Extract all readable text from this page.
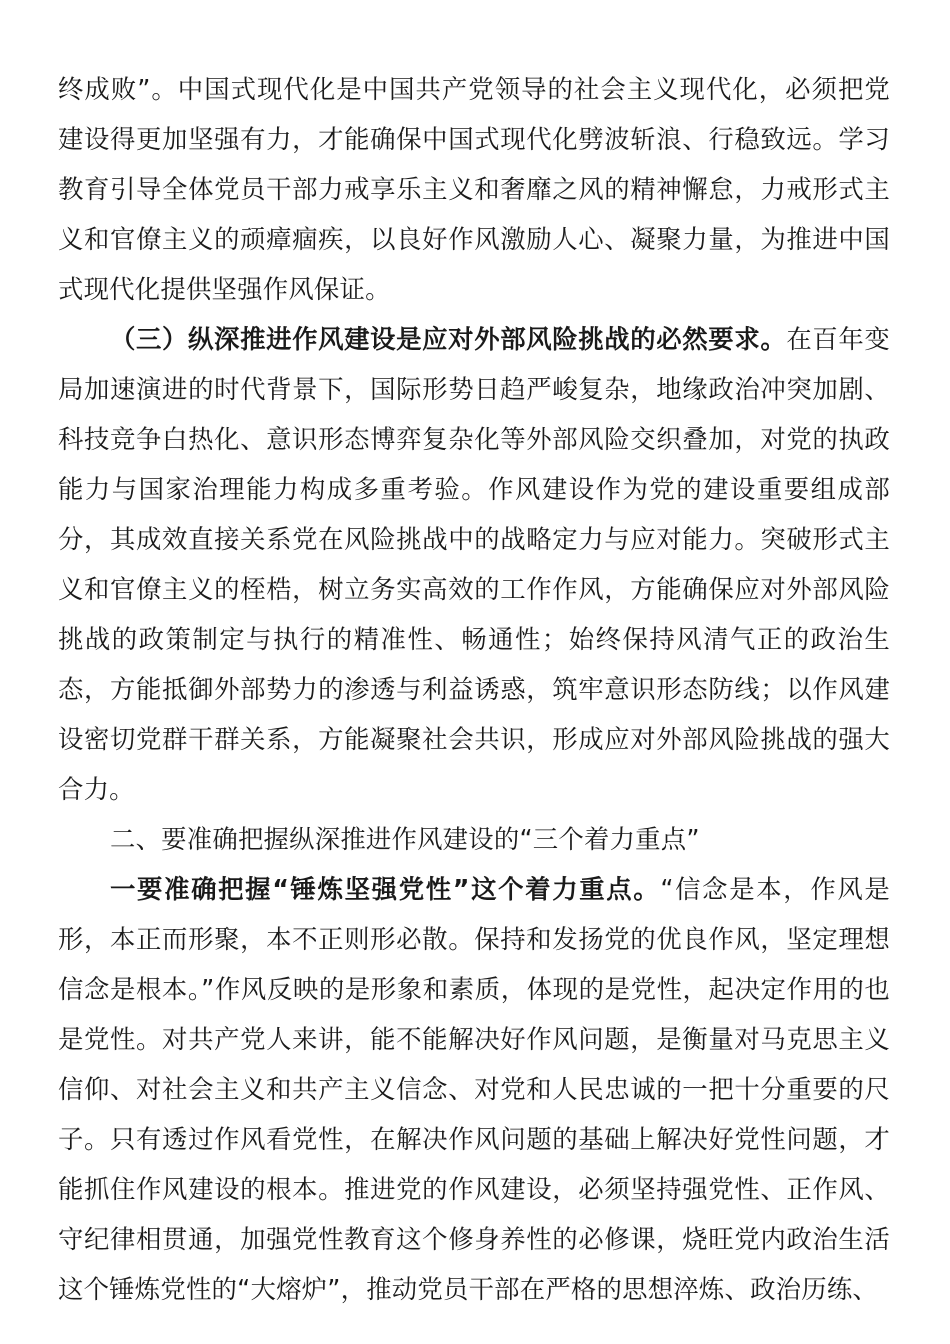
终成败”。中国式现代化是中国共产党领导的社会主义现代化，必须把党建设得更加坚强有力，才能确保中国式现代化劈波斩浪、行稳致远。学习教育引导全体党员干部力戒享乐主义和奢靡之风的精神懈怠，力戒形式主义和官僚主义的顽瘴痼疾，以良好作风激励人心、凝聚力量，为推进中国式现代化提供坚强作风保证。

（三）纵深推进作风建设是应对外部风险挑战的必然要求。在百年变局加速演进的时代背景下，国际形势日趋严峻复杂，地缘政治冲突加剧、科技竞争白热化、意识形态博弈复杂化等外部风险交织叠加，对党的执政能力与国家治理能力构成多重考验。作风建设作为党的建设重要组成部分，其成效直接关系党在风险挑战中的战略定力与应对能力。突破形式主义和官僚主义的桎梏，树立务实高效的工作作风，方能确保应对外部风险挑战的政策制定与执行的精准性、畅通性；始终保持风清气正的政治生态，方能抵御外部势力的渗透与利益诱惑，筑牢意识形态防线；以作风建设密切党群干群关系，方能凝聚社会共识，形成应对外部风险挑战的强大合力。

二、要准确把握纵深推进作风建设的“三个着力重点”

一要准确把握“锤炼坚强党性”这个着力重点。“信念是本，作风是形，本正而形聚，本不正则形必散。保持和发扬党的优良作风，坚定理想信念是根本。”作风反映的是形象和素质，体现的是党性，起决定作用的也是党性。对共产党人来讲，能不能解决好作风问题，是衡量对马克思主义信仰、对社会主义和共产主义信念、对党和人民忠诚的一把十分重要的尺子。只有透过作风看党性，在解决作风问题的基础上解决好党性问题，才能抓住作风建设的根本。推进党的作风建设，必须坚持强党性、正作风、守纪律相贯通，加强党性教育这个修身养性的必修课，烧旺党内政治生活这个锤炼党性的“大熔炉”，推动党员干部在严格的思想淬炼、政治历练、
